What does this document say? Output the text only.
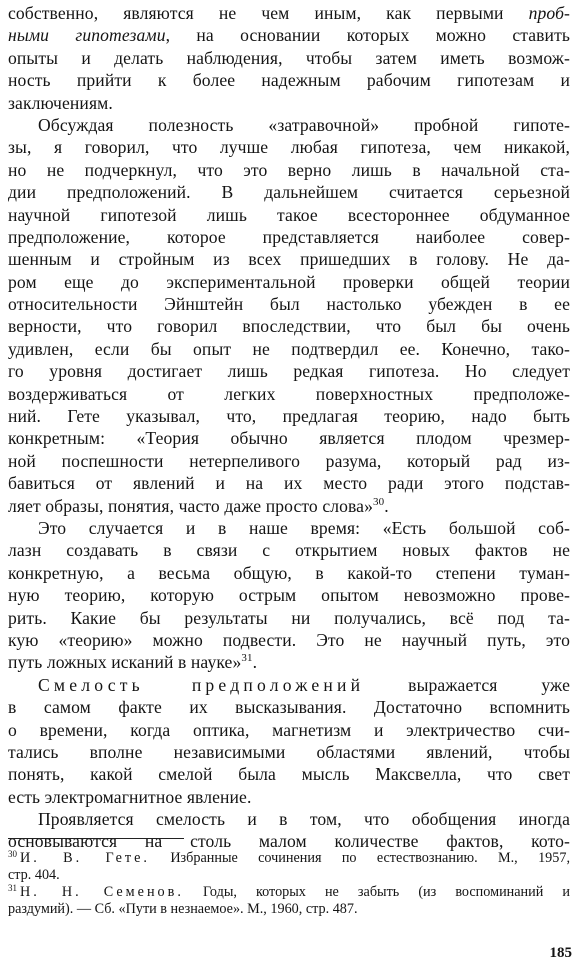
собственно, являются не чем иным, как первыми проб-
ными гипотезами, на основании которых можно ставить
опыты и делать наблюдения, чтобы затем иметь возмож-
ность прийти к более надежным рабочим гипотезам и
заключениям.

Обсуждая полезность «затравочной» пробной гипоте-
зы, я говорил, что лучше любая гипотеза, чем никакой,
но не подчеркнул, что это верно лишь в начальной ста-
дии предположений. В дальнейшем считается серьезной
научной гипотезой лишь такое всестороннее обдуманное
предположение, которое представляется наиболее совер-
шенным и стройным из всех пришедших в голову. Не да-
ром еще до экспериментальной проверки общей теории
относительности Эйнштейн был настолько убежден в ее
верности, что говорил впоследствии, что был бы очень
удивлен, если бы опыт не подтвердил ее. Конечно, тако-
го уровня достигает лишь редкая гипотеза. Но следует
воздерживаться от легких поверхностных предположе-
ний. Гете указывал, что, предлагая теорию, надо быть
конкретным: «Теория обычно является плодом чрезмер-
ной поспешности нетерпеливого разума, который рад из-
бавиться от явлений и на их место ради этого подстав-
ляет образы, понятия, часто даже просто слова»$^{30}$.

Это случается и в наше время: «Есть большой соб-
лазн создавать в связи с открытием новых фактов не
конкретную, а весьма общую, в какой-то степени туман-
ную теорию, которую острым опытом невозможно прове-
рить. Какие бы результаты ни получались, всё под та-
кую «теорию» можно подвести. Это не научный путь, это
путь ложных исканий в науке»$^{31}$.

Смелость предположений выражается уже
в самом факте их высказывания. Достаточно вспомнить
о времени, когда оптика, магнетизм и электричество счи-
тались вполне независимыми областями явлений, чтобы
понять, какой смелой была мысль Максвелла, что свет
есть электромагнитное явление.

Проявляется смелость и в том, что обобщения иногда
основываются на столь малом количестве фактов, кото-

$^{30}$ И. В. Гете. Избранные сочинения по естествознанию. М., 1957,
стр. 404.
$^{31}$ Н. Н. Семенов. Годы, которых не забыть (из воспоминаний и
раздумий). — Сб. «Пути в незнаемое». М., 1960, стр. 487.
185
